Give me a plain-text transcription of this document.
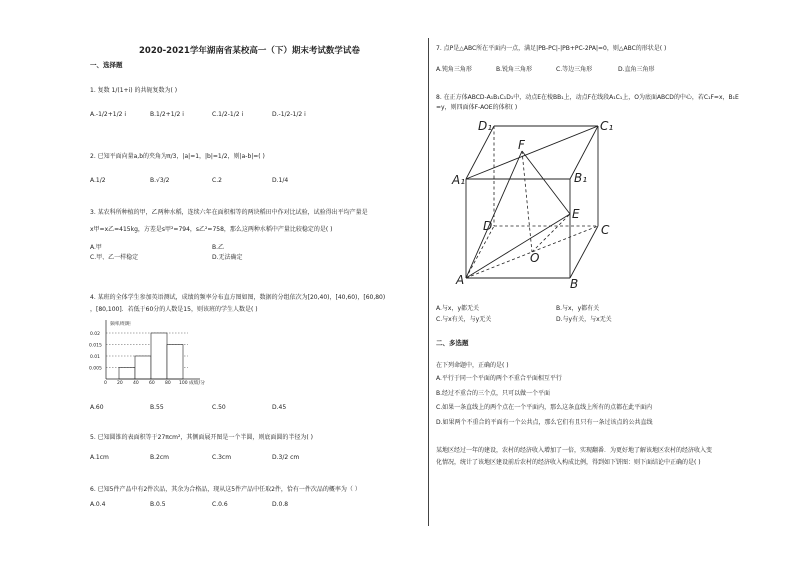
2020-2021学年湖南省某校高一（下）期末考试数学试卷
一、选择题
1. 复数 1/(1+i) 的共轭复数为( )
A.-1/2+1/2 i	B.1/2+1/2 i	C.1/2-1/2 i	D.-1/2-1/2 i
2. 已知平面向量a,b的夹角为π/3，|a|=1，|b|=1/2，则|a-b|=( )
A.1/2	B.√3/2	C.2	D.1/4
3. 某农科所种植的甲，乙两种水稻，连续六年在面积相等的两块稻田中作对比试验，试验得出平均产量是
x甲=x乙=415kg，方差是s甲²=794，s乙²=758，那么这两种水稻中产量比较稳定的是( )
A.甲	B.乙
C.甲、乙一样稳定	D.无法确定
4. 某班的全体学生参加英语测试，成绩的频率分布直方图如图，数据的分组依次为[20,40)，[40,60)，[60,80)
，[80,100]．若低于60分的人数是15，则该班的学生人数是( )
频率/组距
成绩/分
0.02
0.015
0.01
0.005
0 20 40 60 80 100
A.60	B.55	C.50	D.45
5. 已知圆锥的表面积等于27πcm²，其侧面展开图是一个半圆，则底面圆的半径为( )
A.1cm	B.2cm	C.3cm	D.3/2 cm
6. 已知5件产品中有2件次品，其余为合格品，现从这5件产品中任取2件，恰有一件次品的概率为（ ）
A.0.4	B.0.5	C.0.6	D.0.8
7. 点P是△ABC所在平面内一点，满足|PB-PC|-|PB+PC-2PA|=0，则△ABC的形状是( )
A.钝角三角形	B.锐角三角形	C.等边三角形	D.直角三角形
8. 在正方体ABCD-A₁B₁C₁D₁中，动点E在棱BB₁上，动点F在线段A₁C₁上，O为底面ABCD的中心，若C₁F=x，B₁E
=y，则四面体F-AOE的体积( )
D₁	C₁
A₁	B₁
F
E
D	C
O
A	B
A.与x，y都无关	B.与x，y都有关
C.与x有关，与y无关	D.与y有关，与x无关
二、多选题
在下列命题中，正确的是( )
A.平行于同一个平面的两个不重合平面相互平行
B.经过不重合的三个点，只可以做一个平面
C.如果一条直线上的两个点在一个平面内，那么这条直线上所有的点都在此平面内
D.如果两个不重合的平面有一个公共点，那么它们有且只有一条过该点的公共直线
某地区经过一年的建设，农村的经济收入增加了一倍，实现翻番．为更好地了解该地区农村的经济收入变
化情况，统计了该地区建设前后农村的经济收入构成比例，得到如下饼图：则下面结论中正确的是( )
